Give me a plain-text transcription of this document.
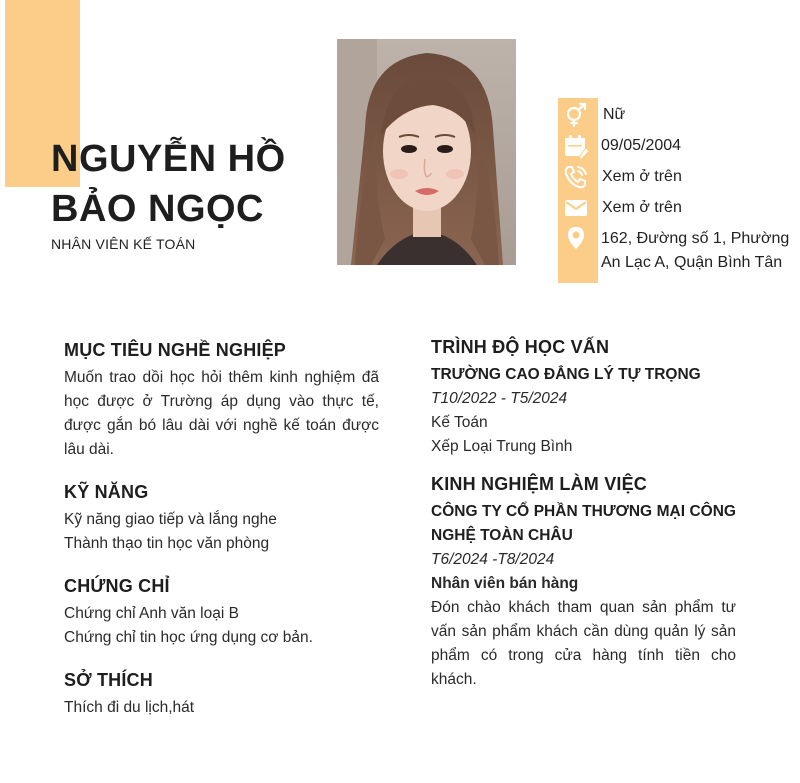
NGUYỄN HỒ
BẢO NGỌC
NHÂN VIÊN KẾ TOÁN
Nữ
09/05/2004
Xem ở trên
Xem ở trên
162, Đường số 1, Phường
An Lạc A, Quận Bình Tân
MỤC TIÊU NGHỀ NGHIỆP
Muốn trao dồi học hỏi thêm kinh nghiệm đã học được ở Trường áp dụng vào thực tế, được gắn bó lâu dài với nghề kế toán được lâu dài.
KỸ NĂNG
Kỹ năng giao tiếp và lắng nghe
Thành thạo tin học văn phòng
CHỨNG CHỈ
Chứng chỉ Anh văn loại B
Chứng chỉ tin học ứng dụng cơ bản.
SỞ THÍCH
Thích đi du lịch,hát
TRÌNH ĐỘ HỌC VẤN
TRƯỜNG CAO ĐẲNG LÝ TỰ TRỌNG
T10/2022 - T5/2024
Kế Toán
Xếp Loại Trung Bình
KINH NGHIỆM LÀM VIỆC
CÔNG TY CỔ PHẦN THƯƠNG MẠI CÔNG NGHỆ TOÀN CHÂU
T6/2024 -T8/2024
Nhân viên bán hàng
Đón chào khách tham quan sản phẩm tư vấn sản phẩm khách cần dùng quản lý sản phẩm có trong cửa hàng tính tiền cho khách.
